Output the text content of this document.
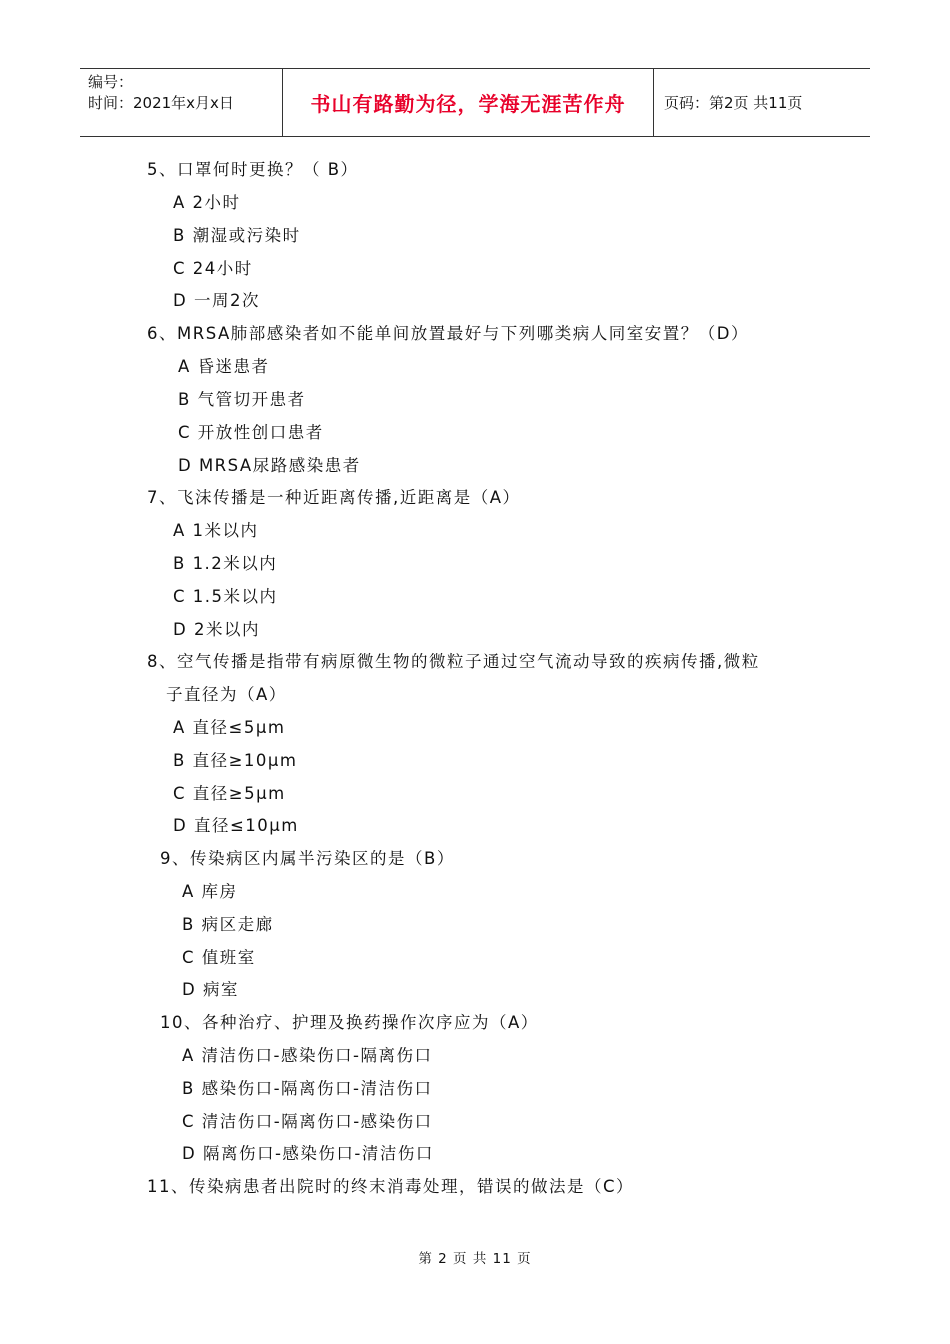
编号：
时间：2021年x月x日	书山有路勤为径，学海无涯苦作舟	页码：第2页 共11页
5、口罩何时更换？（ B）
A 2小时
B 潮湿或污染时
C 24小时
D 一周2次
6、MRSA肺部感染者如不能单间放置最好与下列哪类病人同室安置？（D）
A 昏迷患者
B 气管切开患者
C 开放性创口患者
D MRSA尿路感染患者
7、飞沫传播是一种近距离传播,近距离是（A）
A 1米以内
B 1.2米以内
C 1.5米以内
D 2米以内
8、空气传播是指带有病原微生物的微粒子通过空气流动导致的疾病传播,微粒
子直径为（A）
A 直径≤5μm
B 直径≥10μm
C 直径≥5μm
D 直径≤10μm
9、传染病区内属半污染区的是（B）
A 库房
B 病区走廊
C 值班室
D 病室
10、各种治疗、护理及换药操作次序应为（A）
A 清洁伤口-感染伤口-隔离伤口
B 感染伤口-隔离伤口-清洁伤口
C 清洁伤口-隔离伤口-感染伤口
D 隔离伤口-感染伤口-清洁伤口
11、传染病患者出院时的终末消毒处理，错误的做法是（C）
第 2 页 共 11 页
